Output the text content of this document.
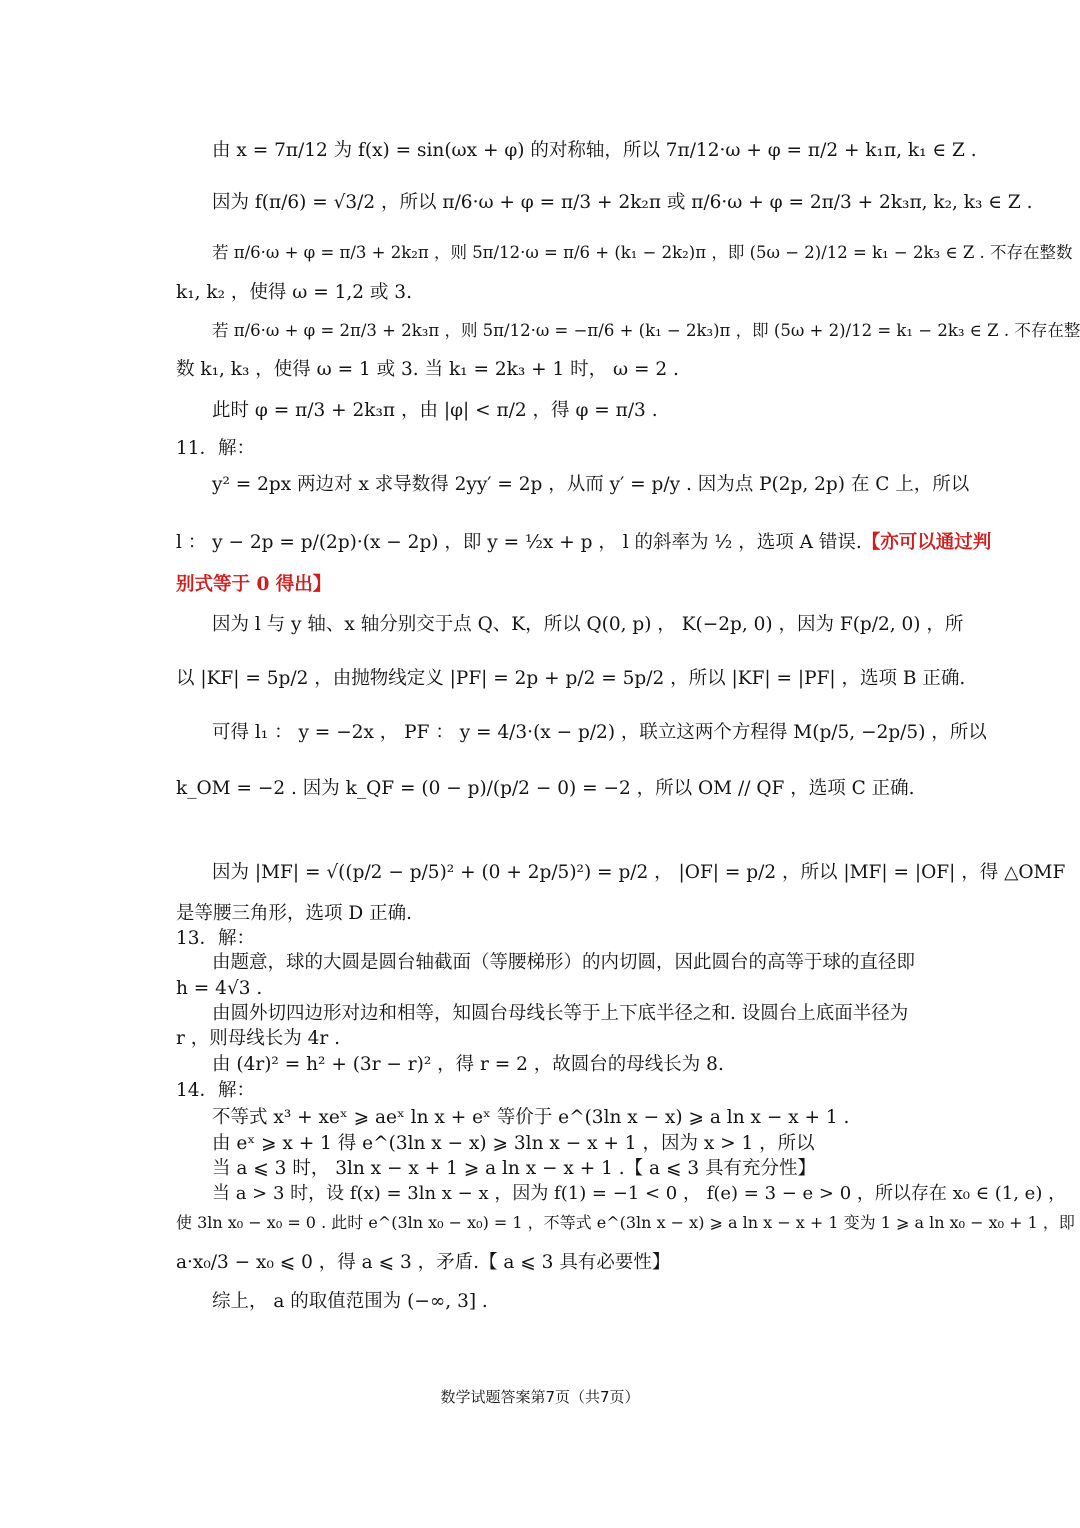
由 x = 7π/12 为 f(x) = sin(ωx + φ) 的对称轴，所以 7π/12·ω + φ = π/2 + k₁π, k₁ ∈ Z .
因为 f(π/6) = √3/2 ，所以 π/6·ω + φ = π/3 + 2k₂π 或 π/6·ω + φ = 2π/3 + 2k₃π, k₂, k₃ ∈ Z .
若 π/6·ω + φ = π/3 + 2k₂π ，则 5π/12·ω = π/6 + (k₁ − 2k₂)π ，即 (5ω − 2)/12 = k₁ − 2k₃ ∈ Z . 不存在整数
k₁, k₂ ，使得 ω = 1,2 或 3.
若 π/6·ω + φ = 2π/3 + 2k₃π ，则 5π/12·ω = −π/6 + (k₁ − 2k₃)π ，即 (5ω + 2)/12 = k₁ − 2k₃ ∈ Z . 不存在整
数 k₁, k₃ ，使得 ω = 1 或 3. 当 k₁ = 2k₃ + 1 时， ω = 2 .
此时 φ = π/3 + 2k₃π ，由 |φ| < π/2 ，得 φ = π/3 .
11．解：
y² = 2px 两边对 x 求导数得 2yy′ = 2p ，从而 y′ = p/y . 因为点 P(2p, 2p) 在 C 上，所以
l ： y − 2p = p/(2p)·(x − 2p) ，即 y = ½x + p ， l 的斜率为 ½ ，选项 A 错误.【亦可以通过判
别式等于 0 得出】
因为 l 与 y 轴、x 轴分别交于点 Q、K，所以 Q(0, p) ， K(−2p, 0) ，因为 F(p/2, 0) ，所
以 |KF| = 5p/2 ，由抛物线定义 |PF| = 2p + p/2 = 5p/2 ，所以 |KF| = |PF| ，选项 B 正确.
可得 l₁ ： y = −2x ， PF ： y = 4/3·(x − p/2) ，联立这两个方程得 M(p/5, −2p/5) ，所以
k_OM = −2 . 因为 k_QF = (0 − p)/(p/2 − 0) = −2 ，所以 OM // QF ，选项 C 正确.
因为 |MF| = √((p/2 − p/5)² + (0 + 2p/5)²) = p/2 ， |OF| = p/2 ，所以 |MF| = |OF| ，得 △OMF
是等腰三角形，选项 D 正确.
13．解：
由题意，球的大圆是圆台轴截面（等腰梯形）的内切圆，因此圆台的高等于球的直径即
h = 4√3 .
由圆外切四边形对边和相等，知圆台母线长等于上下底半径之和. 设圆台上底面半径为
r ，则母线长为 4r .
由 (4r)² = h² + (3r − r)² ，得 r = 2 ，故圆台的母线长为 8.
14．解：
不等式 x³ + xeˣ ⩾ aeˣ ln x + eˣ 等价于 e^(3ln x − x) ⩾ a ln x − x + 1 .
由 eˣ ⩾ x + 1 得 e^(3ln x − x) ⩾ 3ln x − x + 1 ，因为 x > 1 ，所以
当 a ⩽ 3 时， 3ln x − x + 1 ⩾ a ln x − x + 1 .【 a ⩽ 3 具有充分性】
当 a > 3 时，设 f(x) = 3ln x − x ，因为 f(1) = −1 < 0 ， f(e) = 3 − e > 0 ，所以存在 x₀ ∈ (1, e) ，
使 3ln x₀ − x₀ = 0 . 此时 e^(3ln x₀ − x₀) = 1 ，不等式 e^(3ln x − x) ⩾ a ln x − x + 1 变为 1 ⩾ a ln x₀ − x₀ + 1 ，即
a·x₀/3 − x₀ ⩽ 0 ，得 a ⩽ 3 ，矛盾.【 a ⩽ 3 具有必要性】
综上， a 的取值范围为 (−∞, 3] .
数学试题答案第7页（共7页）
